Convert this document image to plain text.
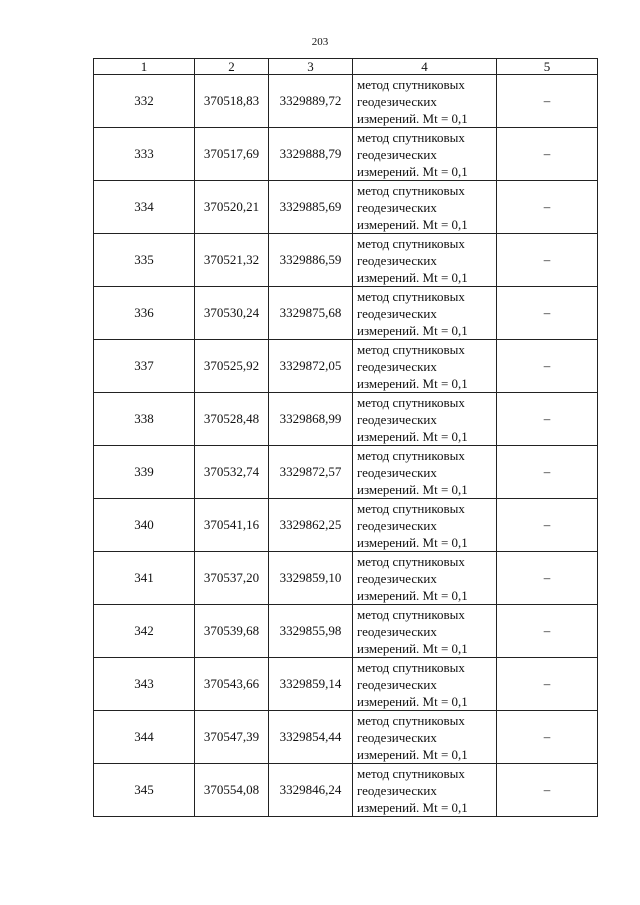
203
1	2	3	4	5
332	370518,83	3329889,72	метод спутниковых
геодезических
измерений. Mt = 0,1	–
333	370517,69	3329888,79	метод спутниковых
геодезических
измерений. Mt = 0,1	–
334	370520,21	3329885,69	метод спутниковых
геодезических
измерений. Mt = 0,1	–
335	370521,32	3329886,59	метод спутниковых
геодезических
измерений. Mt = 0,1	–
336	370530,24	3329875,68	метод спутниковых
геодезических
измерений. Mt = 0,1	–
337	370525,92	3329872,05	метод спутниковых
геодезических
измерений. Mt = 0,1	–
338	370528,48	3329868,99	метод спутниковых
геодезических
измерений. Mt = 0,1	–
339	370532,74	3329872,57	метод спутниковых
геодезических
измерений. Mt = 0,1	–
340	370541,16	3329862,25	метод спутниковых
геодезических
измерений. Mt = 0,1	–
341	370537,20	3329859,10	метод спутниковых
геодезических
измерений. Mt = 0,1	–
342	370539,68	3329855,98	метод спутниковых
геодезических
измерений. Mt = 0,1	–
343	370543,66	3329859,14	метод спутниковых
геодезических
измерений. Mt = 0,1	–
344	370547,39	3329854,44	метод спутниковых
геодезических
измерений. Mt = 0,1	–
345	370554,08	3329846,24	метод спутниковых
геодезических
измерений. Mt = 0,1	–
